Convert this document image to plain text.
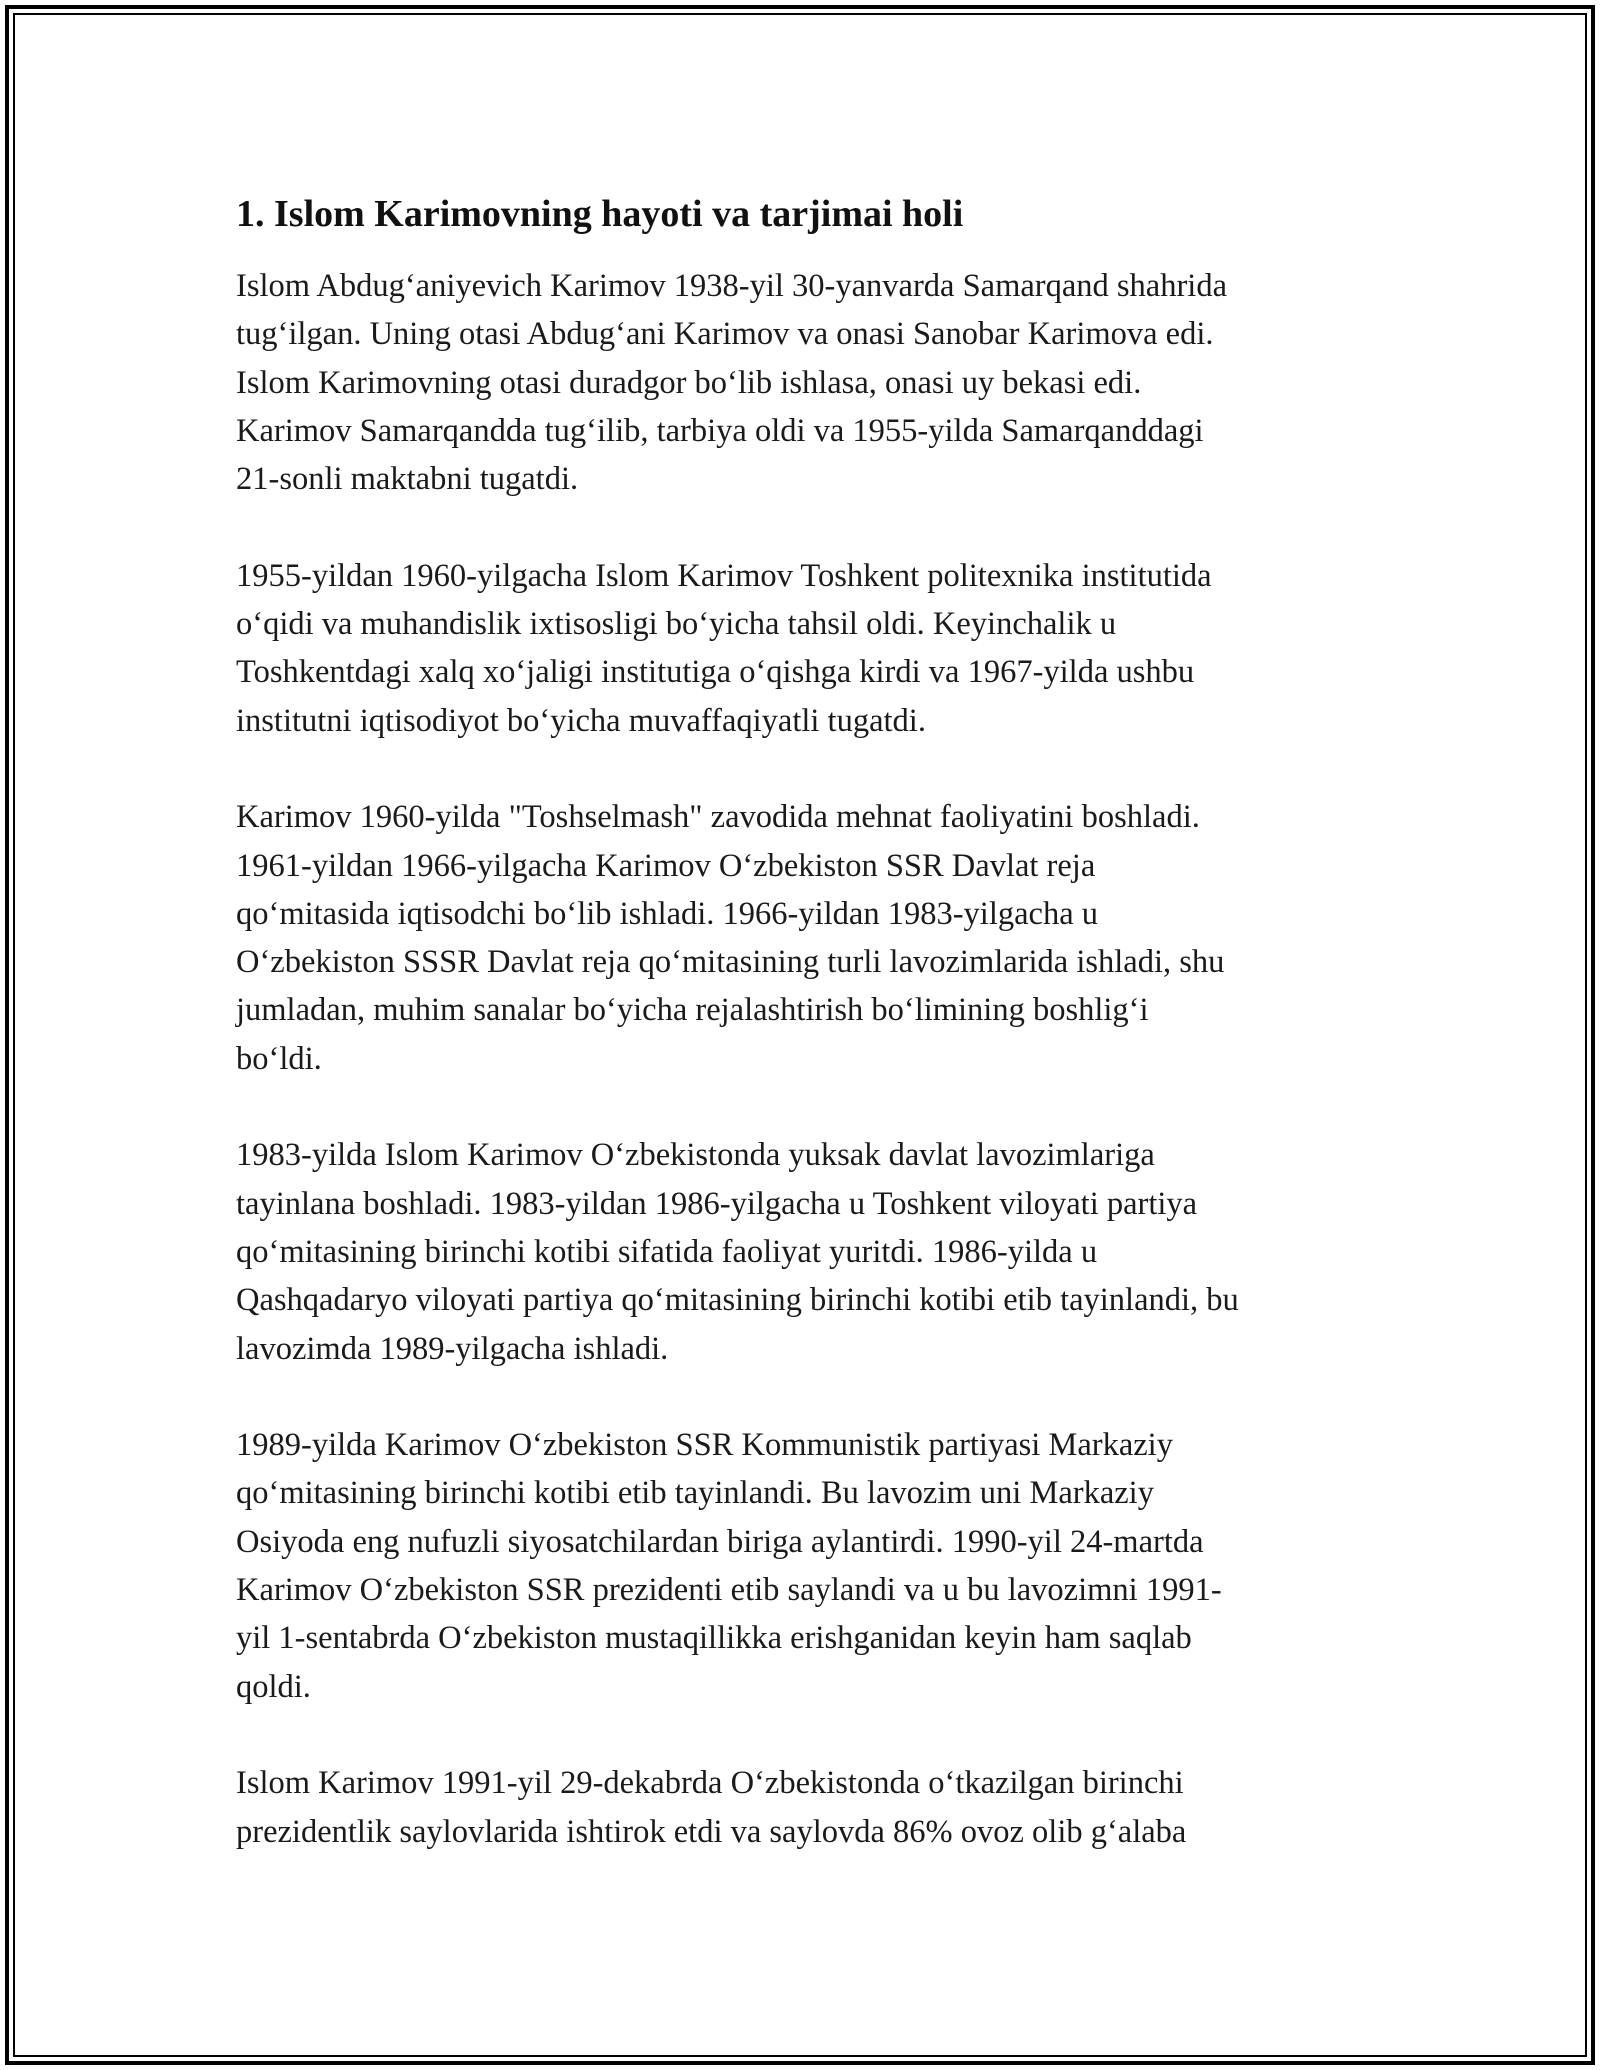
1. Islom Karimovning hayoti va tarjimai holi

Islom Abdugʻaniyevich Karimov 1938-yil 30-yanvarda Samarqand shahrida
tugʻilgan. Uning otasi Abdugʻani Karimov va onasi Sanobar Karimova edi.
Islom Karimovning otasi duradgor boʻlib ishlasa, onasi uy bekasi edi.
Karimov Samarqandda tugʻilib, tarbiya oldi va 1955-yilda Samarqanddagi
21-sonli maktabni tugatdi.

1955-yildan 1960-yilgacha Islom Karimov Toshkent politexnika institutida
oʻqidi va muhandislik ixtisosligi boʻyicha tahsil oldi. Keyinchalik u
Toshkentdagi xalq xoʻjaligi institutiga oʻqishga kirdi va 1967-yilda ushbu
institutni iqtisodiyot boʻyicha muvaffaqiyatli tugatdi.

Karimov 1960-yilda "Toshselmash" zavodida mehnat faoliyatini boshladi.
1961-yildan 1966-yilgacha Karimov Oʻzbekiston SSR Davlat reja
qoʻmitasida iqtisodchi boʻlib ishladi. 1966-yildan 1983-yilgacha u
Oʻzbekiston SSSR Davlat reja qoʻmitasining turli lavozimlarida ishladi, shu
jumladan, muhim sanalar boʻyicha rejalashtirish boʻlimining boshligʻi
boʻldi.

1983-yilda Islom Karimov Oʻzbekistonda yuksak davlat lavozimlariga
tayinlana boshladi. 1983-yildan 1986-yilgacha u Toshkent viloyati partiya
qoʻmitasining birinchi kotibi sifatida faoliyat yuritdi. 1986-yilda u
Qashqadaryo viloyati partiya qoʻmitasining birinchi kotibi etib tayinlandi, bu
lavozimda 1989-yilgacha ishladi.

1989-yilda Karimov Oʻzbekiston SSR Kommunistik partiyasi Markaziy
qoʻmitasining birinchi kotibi etib tayinlandi. Bu lavozim uni Markaziy
Osiyoda eng nufuzli siyosatchilardan biriga aylantirdi. 1990-yil 24-martda
Karimov Oʻzbekiston SSR prezidenti etib saylandi va u bu lavozimni 1991-
yil 1-sentabrda Oʻzbekiston mustaqillikka erishganidan keyin ham saqlab
qoldi.

Islom Karimov 1991-yil 29-dekabrda Oʻzbekistonda oʻtkazilgan birinchi
prezidentlik saylovlarida ishtirok etdi va saylovda 86% ovoz olib gʻalaba
